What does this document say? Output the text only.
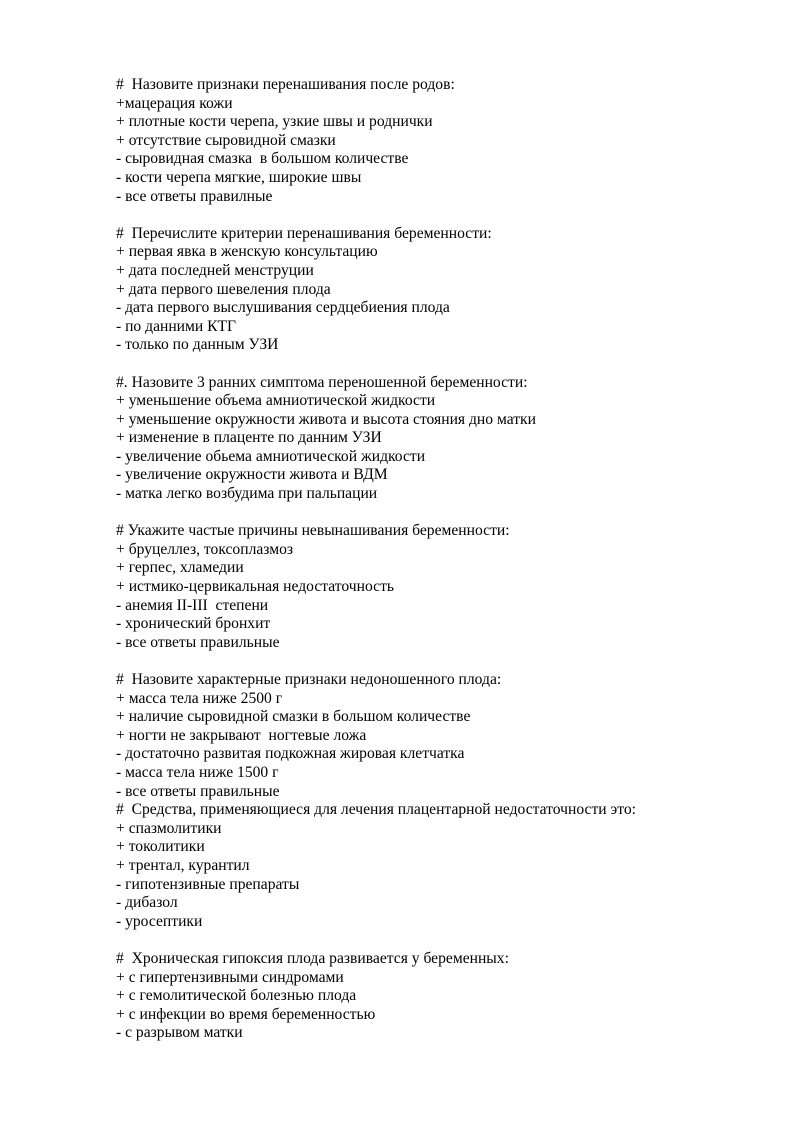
#  Назовите признаки перенашивания после родов:
+мацерация кожи
+ плотные кости черепа, узкие швы и роднички
+ отсутствие сыровидной смазки
- сыровидная смазка  в большом количестве
- кости черепа мягкие, широкие швы
- все ответы правилные
#  Перечислите критерии перенашивания беременности:
+ первая явка в женскую консультацию
+ дата последней менструции
+ дата первого шевеления плода
- дата первого выслушивания сердцебиения плода
- по данними КТГ
- только по данным УЗИ
#. Назовите 3 ранних симптома переношенной беременности:
+ уменьшение объема амниотической жидкости
+ уменьшение окружности живота и высота стояния дно матки
+ изменение в плаценте по данним УЗИ
- увеличение обьема амниотической жидкости
- увеличение окружности живота и ВДМ
- матка легко возбудима при пальпации
# Укажите частые причины невынашивания беременности:
+ бруцеллез, токсоплазмоз
+ герпес, хламедии
+ истмико-цервикальная недостаточность
- анемия II-III  степени
- хронический бронхит
- все ответы правильные
#  Назовите характерные признаки недоношенного плода:
+ масса тела ниже 2500 г
+ наличие сыровидной смазки в большом количестве
+ ногти не закрывают  ногтевые ложа
- достаточно развитая подкожная жировая клетчатка
- масса тела ниже 1500 г
- все ответы правильные
#  Средства, применяющиеся для лечения плацентарной недостаточности это:
+ спазмолитики
+ токолитики
+ трентал, курантил
- гипотензивные препараты
- дибазол
- уросептики
#  Хроническая гипоксия плода развивается у беременных:
+ с гипертензивными синдромами
+ с гемолитической болезнью плода
+ с инфекции во время беременностью
- с разрывом матки
